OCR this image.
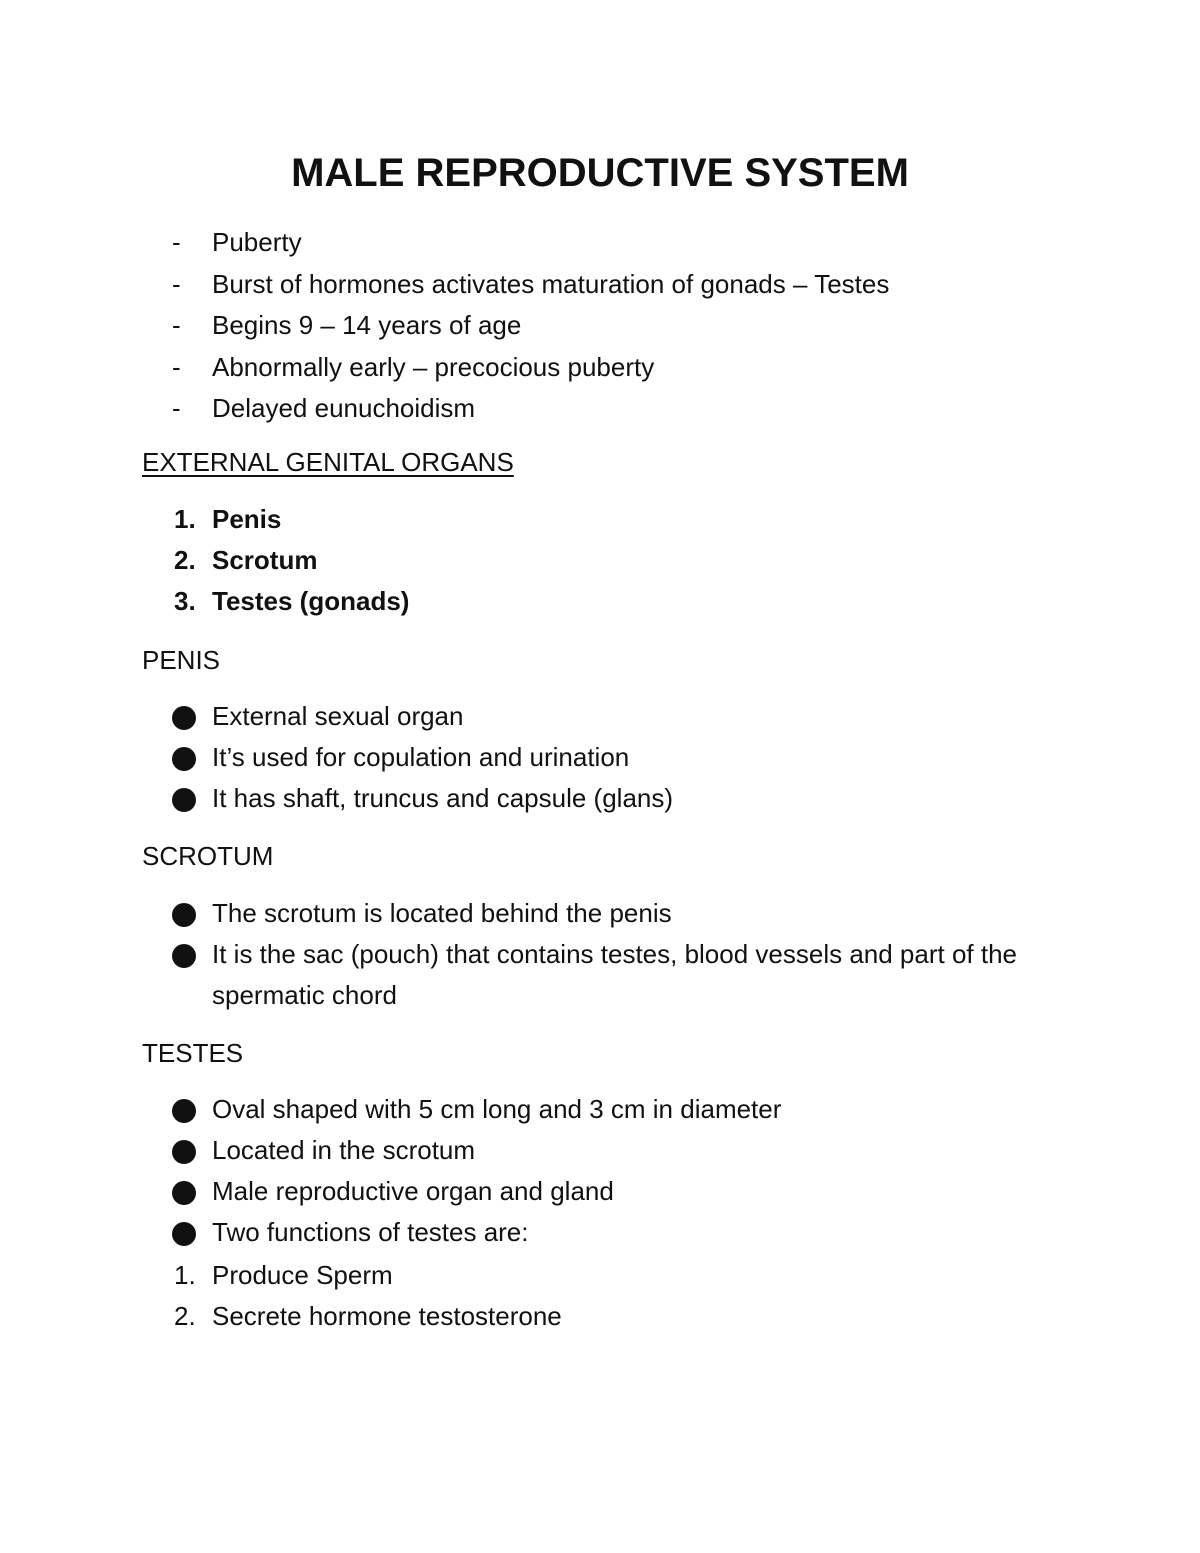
MALE REPRODUCTIVE SYSTEM
- Puberty
- Burst of hormones activates maturation of gonads – Testes
- Begins 9 – 14 years of age
- Abnormally early – precocious puberty
- Delayed eunuchoidism
EXTERNAL GENITAL ORGANS
1. Penis
2. Scrotum
3. Testes (gonads)
PENIS
External sexual organ
It’s used for copulation and urination
It has shaft, truncus and capsule (glans)
SCROTUM
The scrotum is located behind the penis
It is the sac (pouch) that contains testes, blood vessels and part of the spermatic chord
TESTES
Oval shaped with 5 cm long and 3 cm in diameter
Located in the scrotum
Male reproductive organ and gland
Two functions of testes are:
1. Produce Sperm
2. Secrete hormone testosterone
